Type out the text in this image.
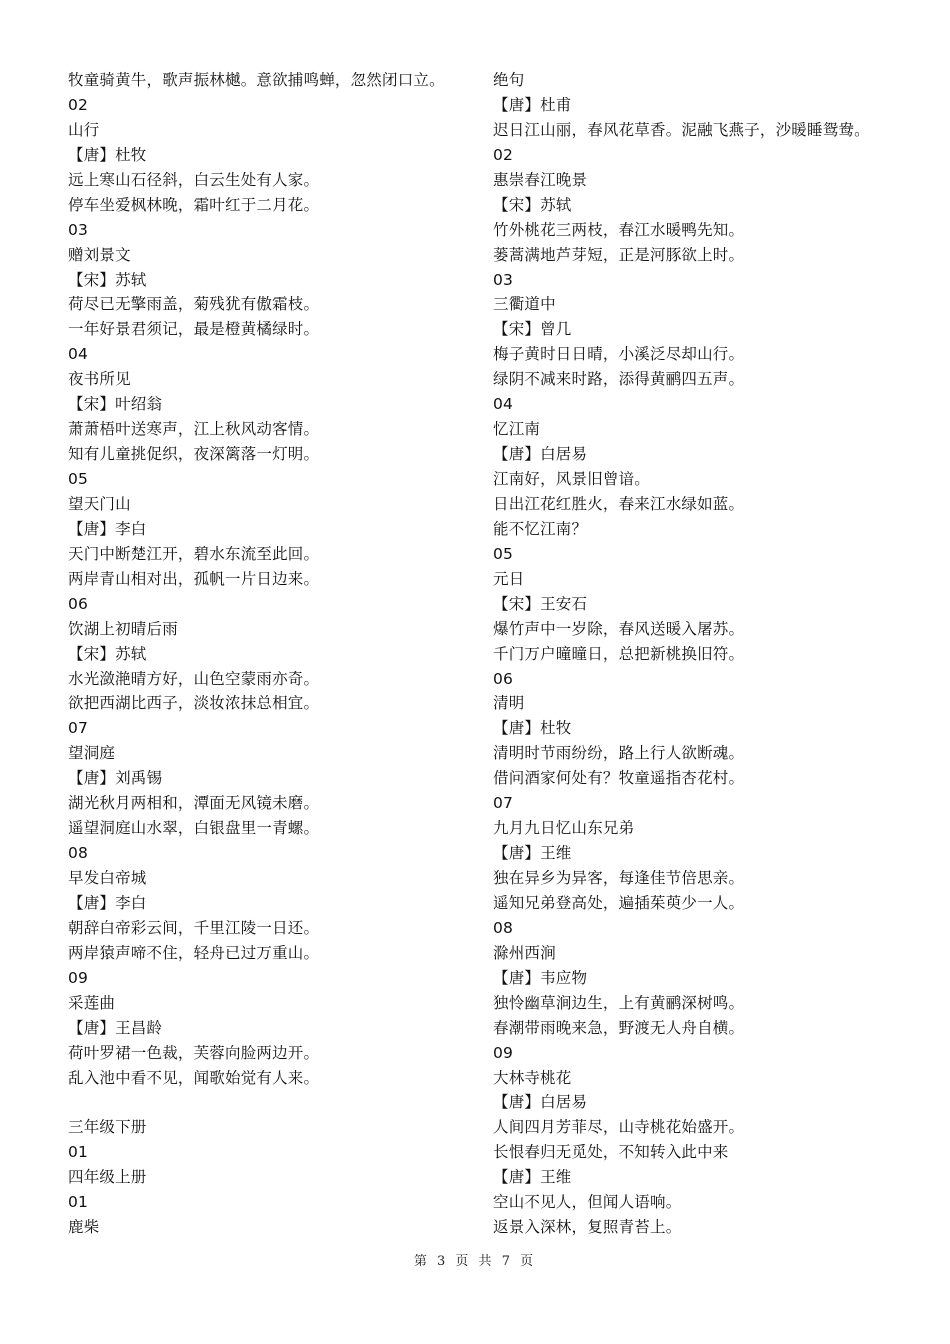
牧童骑黄牛，歌声振林樾。意欲捕鸣蝉，忽然闭口立。
02
山行
【唐】杜牧
远上寒山石径斜，白云生处有人家。
停车坐爱枫林晚，霜叶红于二月花。
03
赠刘景文
【宋】苏轼
荷尽已无擎雨盖，菊残犹有傲霜枝。
一年好景君须记，最是橙黄橘绿时。
04
夜书所见
【宋】叶绍翁
萧萧梧叶送寒声，江上秋风动客情。
知有儿童挑促织，夜深篱落一灯明。
05
望天门山
【唐】李白
天门中断楚江开，碧水东流至此回。
两岸青山相对出，孤帆一片日边来。
06
饮湖上初晴后雨
【宋】苏轼
水光潋滟晴方好，山色空蒙雨亦奇。
欲把西湖比西子，淡妆浓抹总相宜。
07
望洞庭
【唐】刘禹锡
湖光秋月两相和，潭面无风镜未磨。
遥望洞庭山水翠，白银盘里一青螺。
08
早发白帝城
【唐】李白
朝辞白帝彩云间，千里江陵一日还。
两岸猿声啼不住，轻舟已过万重山。
09
采莲曲
【唐】王昌龄
荷叶罗裙一色裁，芙蓉向脸两边开。
乱入池中看不见，闻歌始觉有人来。
三年级下册
01
四年级上册
01
鹿柴
绝句
【唐】杜甫
迟日江山丽，春风花草香。泥融飞燕子，沙暖睡鸳鸯。
02
惠崇春江晚景
【宋】苏轼
竹外桃花三两枝，春江水暖鸭先知。
蒌蒿满地芦芽短，正是河豚欲上时。
03
三衢道中
【宋】曾几
梅子黄时日日晴，小溪泛尽却山行。
绿阴不减来时路，添得黄鹂四五声。
04
忆江南
【唐】白居易
江南好，风景旧曾谙。
日出江花红胜火，春来江水绿如蓝。
能不忆江南？
05
元日
【宋】王安石
爆竹声中一岁除，春风送暖入屠苏。
千门万户曈曈日，总把新桃换旧符。
06
清明
【唐】杜牧
清明时节雨纷纷，路上行人欲断魂。
借问酒家何处有？牧童遥指杏花村。
07
九月九日忆山东兄弟
【唐】王维
独在异乡为异客，每逢佳节倍思亲。
遥知兄弟登高处，遍插茱萸少一人。
08
滁州西涧
【唐】韦应物
独怜幽草涧边生，上有黄鹂深树鸣。
春潮带雨晚来急，野渡无人舟自横。
09
大林寺桃花
【唐】白居易
人间四月芳菲尽，山寺桃花始盛开。
长恨春归无觅处，不知转入此中来
【唐】王维
空山不见人，但闻人语响。
返景入深林，复照青苔上。
第 3 页 共 7 页
